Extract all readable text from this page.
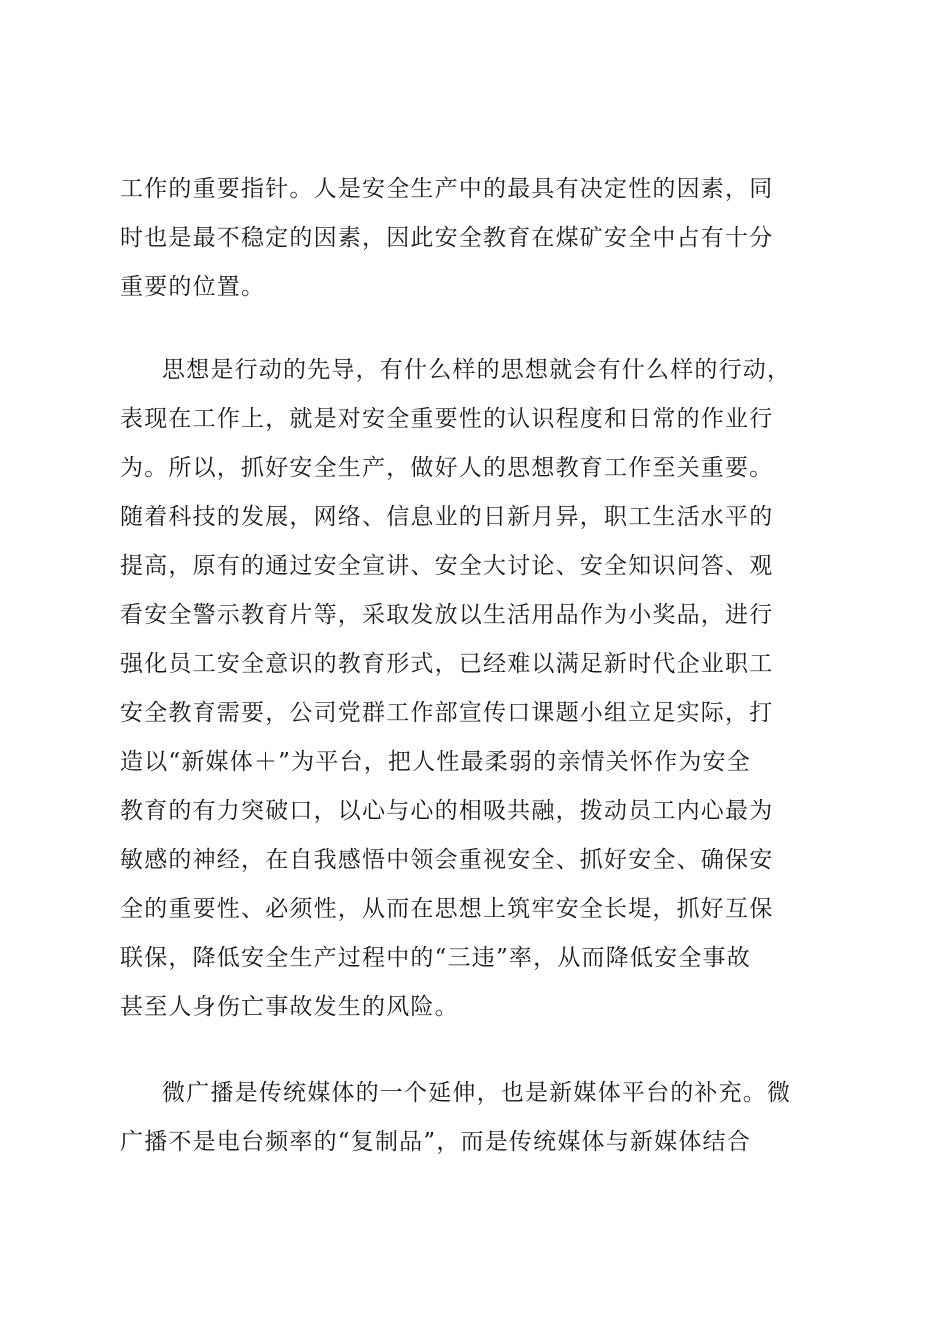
工作的重要指针。人是安全生产中的最具有决定性的因素，同
时也是最不稳定的因素，因此安全教育在煤矿安全中占有十分
重要的位置。
思想是行动的先导，有什么样的思想就会有什么样的行动，
表现在工作上，就是对安全重要性的认识程度和日常的作业行
为。所以，抓好安全生产，做好人的思想教育工作至关重要。
随着科技的发展，网络、信息业的日新月异，职工生活水平的
提高，原有的通过安全宣讲、安全大讨论、安全知识问答、观
看安全警示教育片等，采取发放以生活用品作为小奖品，进行
强化员工安全意识的教育形式，已经难以满足新时代企业职工
安全教育需要，公司党群工作部宣传口课题小组立足实际，打
造以“新媒体＋”为平台，把人性最柔弱的亲情关怀作为安全
教育的有力突破口，以心与心的相吸共融，拨动员工内心最为
敏感的神经，在自我感悟中领会重视安全、抓好安全、确保安
全的重要性、必须性，从而在思想上筑牢安全长堤，抓好互保
联保，降低安全生产过程中的“三违”率，从而降低安全事故
甚至人身伤亡事故发生的风险。
微广播是传统媒体的一个延伸，也是新媒体平台的补充。微
广播不是电台频率的“复制品”，而是传统媒体与新媒体结合
